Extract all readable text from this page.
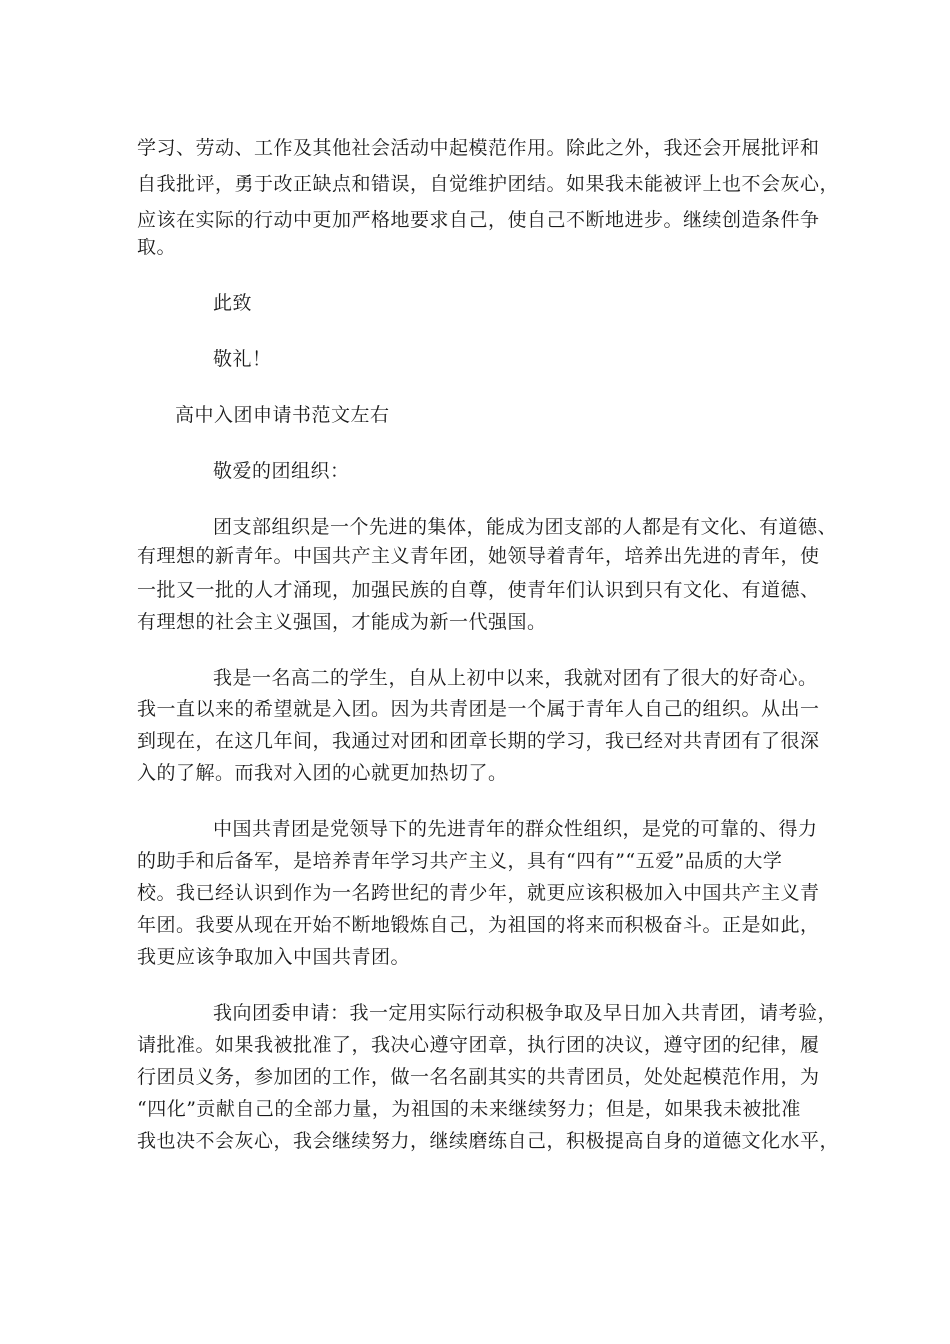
学习、劳动、工作及其他社会活动中起模范作用。除此之外，我还会开展批评和
自我批评，勇于改正缺点和错误，自觉维护团结。如果我未能被评上也不会灰心，
应该在实际的行动中更加严格地要求自己，使自己不断地进步。继续创造条件争
取。
此致
敬礼！
高中入团申请书范文左右
敬爱的团组织：
团支部组织是一个先进的集体，能成为团支部的人都是有文化、有道德、
有理想的新青年。中国共产主义青年团，她领导着青年，培养出先进的青年，使
一批又一批的人才涌现，加强民族的自尊，使青年们认识到只有文化、有道德、
有理想的社会主义强国，才能成为新一代强国。
我是一名高二的学生，自从上初中以来，我就对团有了很大的好奇心。
我一直以来的希望就是入团。因为共青团是一个属于青年人自己的组织。从出一
到现在，在这几年间，我通过对团和团章长期的学习，我已经对共青团有了很深
入的了解。而我对入团的心就更加热切了。
中国共青团是党领导下的先进青年的群众性组织，是党的可靠的、得力
的助手和后备军，是培养青年学习共产主义，具有“四有”“五爱”品质的大学
校。我已经认识到作为一名跨世纪的青少年，就更应该积极加入中国共产主义青
年团。我要从现在开始不断地锻炼自己，为祖国的将来而积极奋斗。正是如此，
我更应该争取加入中国共青团。
我向团委申请：我一定用实际行动积极争取及早日加入共青团，请考验，
请批准。如果我被批准了，我决心遵守团章，执行团的决议，遵守团的纪律，履
行团员义务，参加团的工作，做一名名副其实的共青团员，处处起模范作用，为
“四化”贡献自己的全部力量，为祖国的未来继续努力；但是，如果我未被批准
我也决不会灰心，我会继续努力，继续磨练自己，积极提高自身的道德文化水平，
